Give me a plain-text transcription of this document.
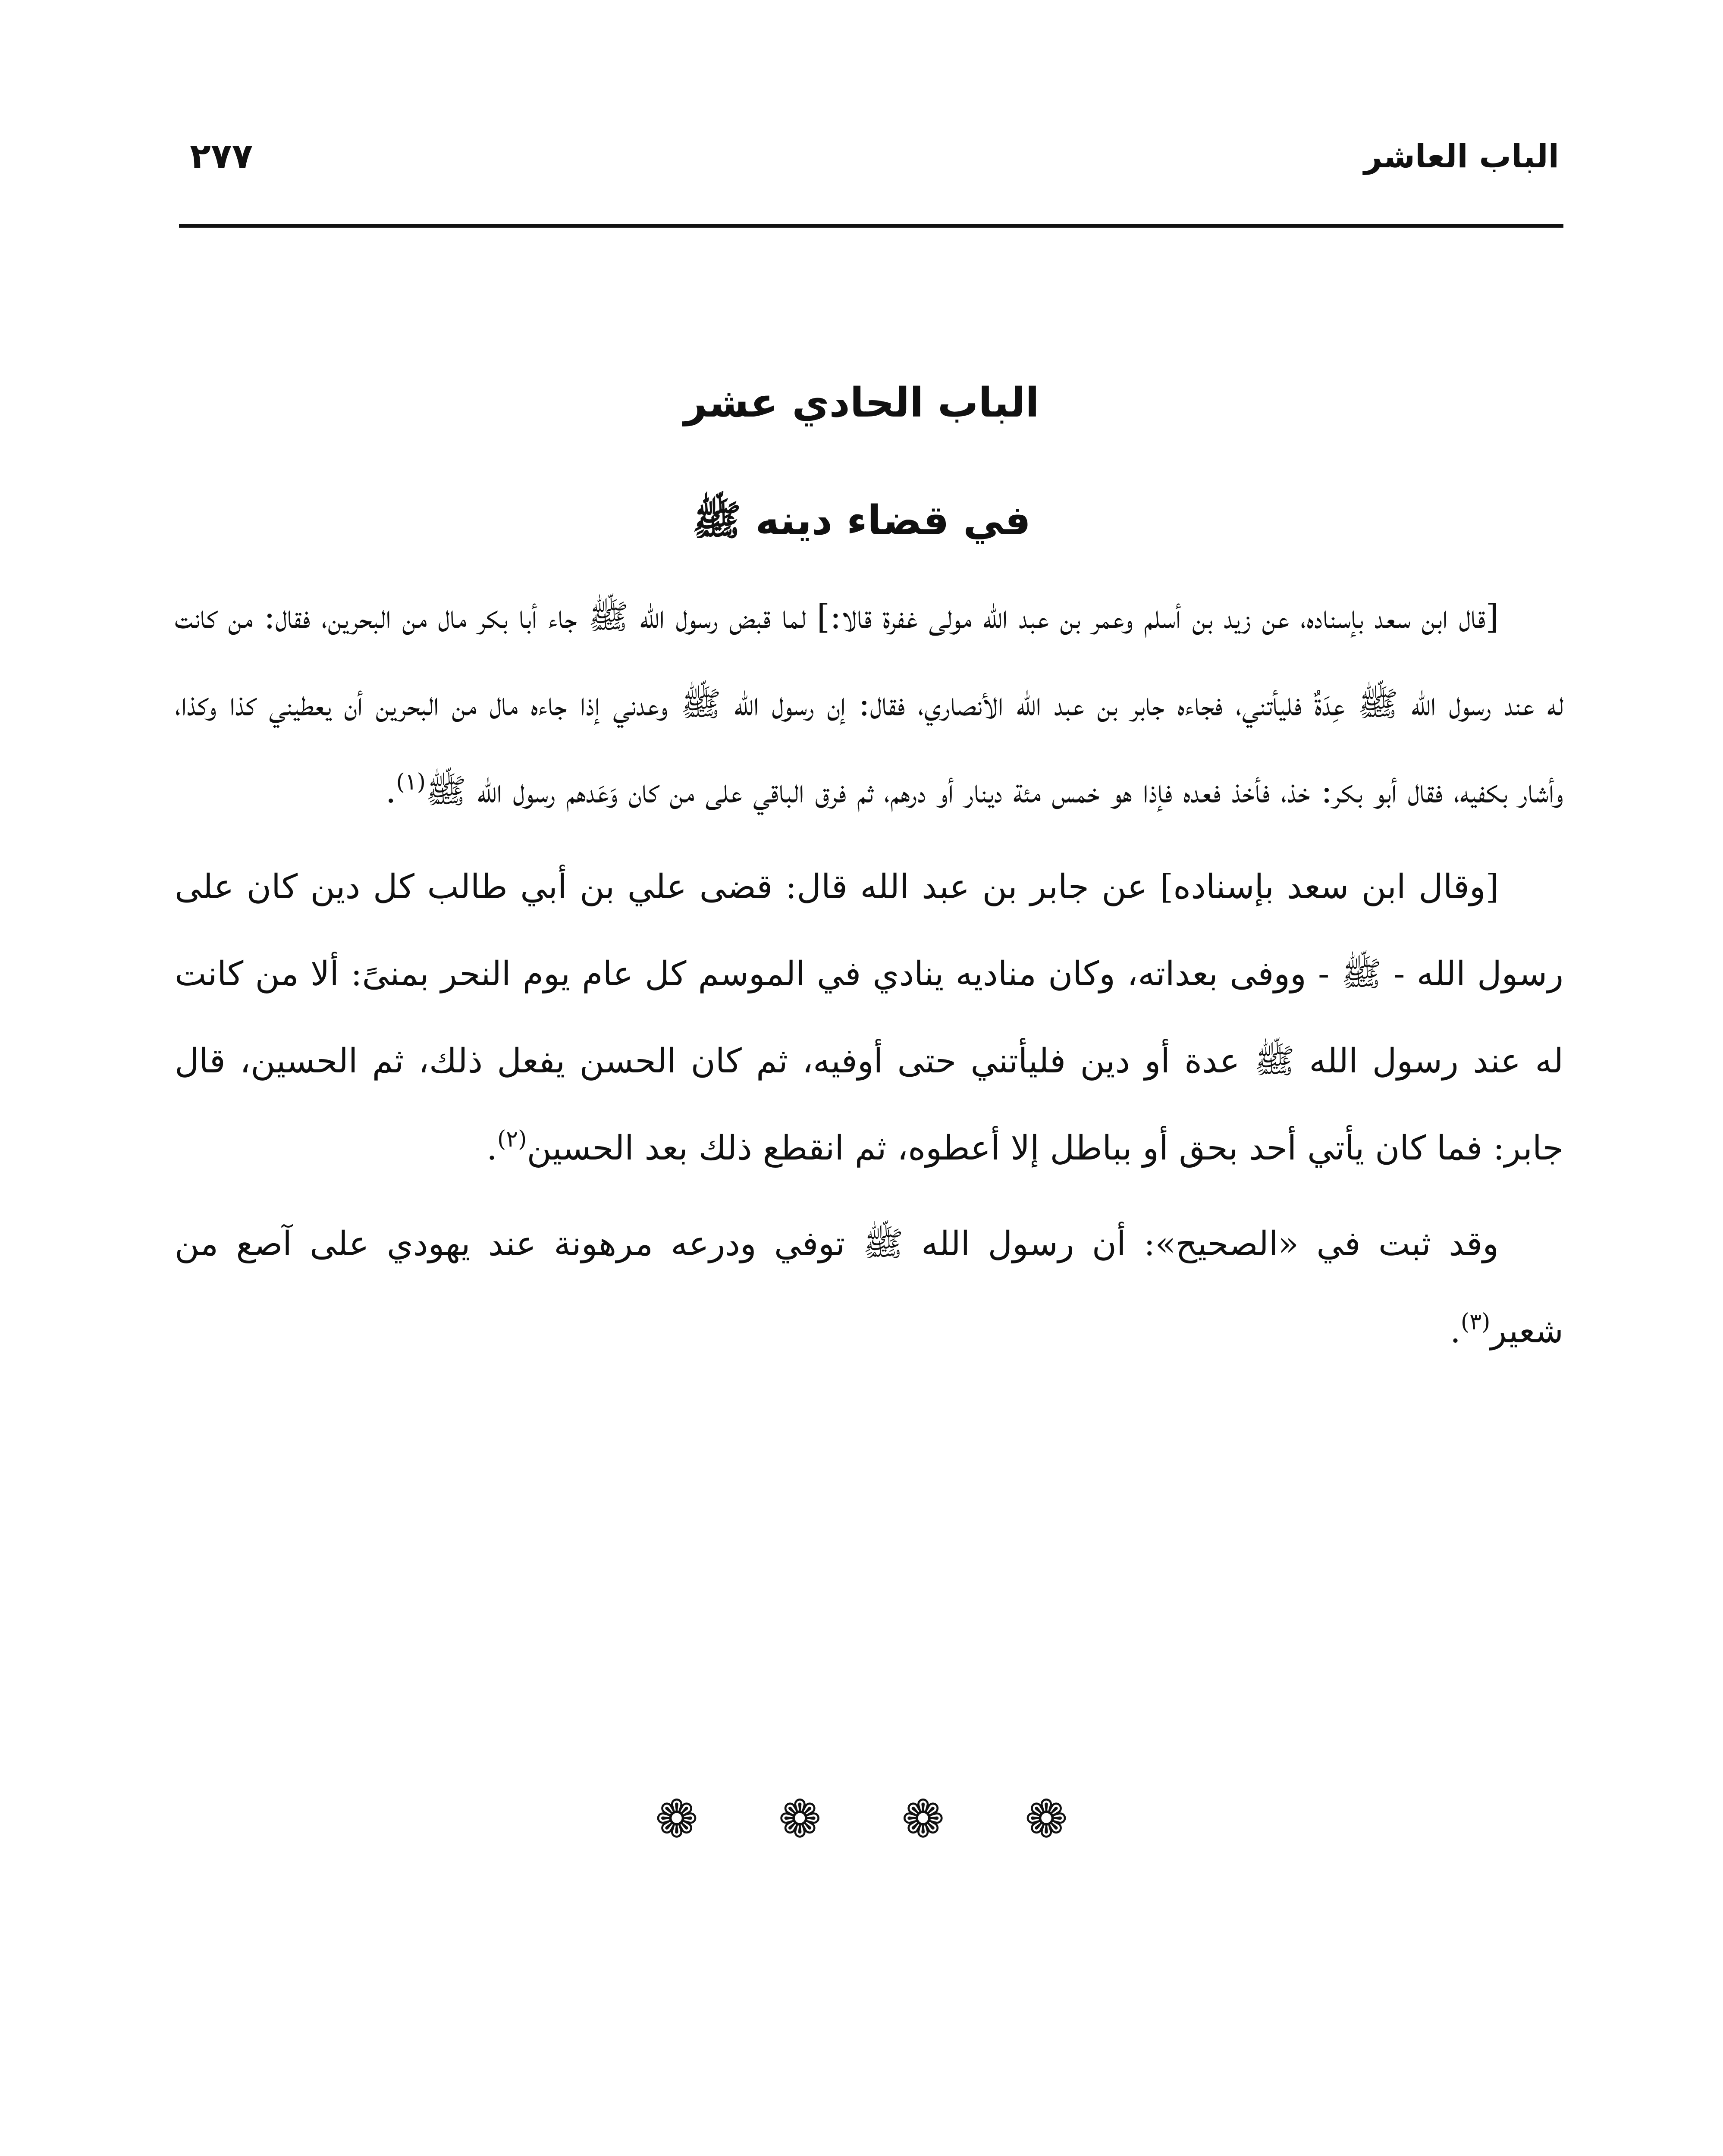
الباب العاشر
٢٧٧
الباب الحادي عشر
في قضاء دينه ﷺ

[قال ابن سعد بإسناده، عن زيد بن أسلم وعمر بن عبد الله مولى غفرة قالا:] لما قبض رسول الله ﷺ جاء أبا بكر مال من البحرين، فقال: من كانت له عند رسول الله ﷺ عِدَةٌ فليأتني، فجاءه جابر بن عبد الله الأنصاري، فقال: إن رسول الله ﷺ وعدني إذا جاءه مال من البحرين أن يعطيني كذا وكذا، وأشار بكفيه، فقال أبو بكر: خذ، فأخذ فعده فإذا هو خمس مئة دينار أو درهم، ثم فرق الباقي على من كان وَعَدهم رسول الله ﷺ$^{(١)}$.

[وقال ابن سعد بإسناده] عن جابر بن عبد الله قال: قضى علي بن أبي طالب كل دين كان على رسول الله - ﷺ - ووفى بعداته، وكان مناديه ينادي في الموسم كل عام يوم النحر بمنىً: ألا من كانت له عند رسول الله ﷺ عدة أو دين فليأتني حتى أوفيه، ثم كان الحسن يفعل ذلك، ثم الحسين، قال جابر: فما كان يأتي أحد بحق أو بباطل إلا أعطوه، ثم انقطع ذلك بعد الحسين$^{(٢)}$.

وقد ثبت في «الصحيح»: أن رسول الله ﷺ توفي ودرعه مرهونة عند يهودي على آصع من شعير$^{(٣)}$.

❁ ❁ ❁ ❁
